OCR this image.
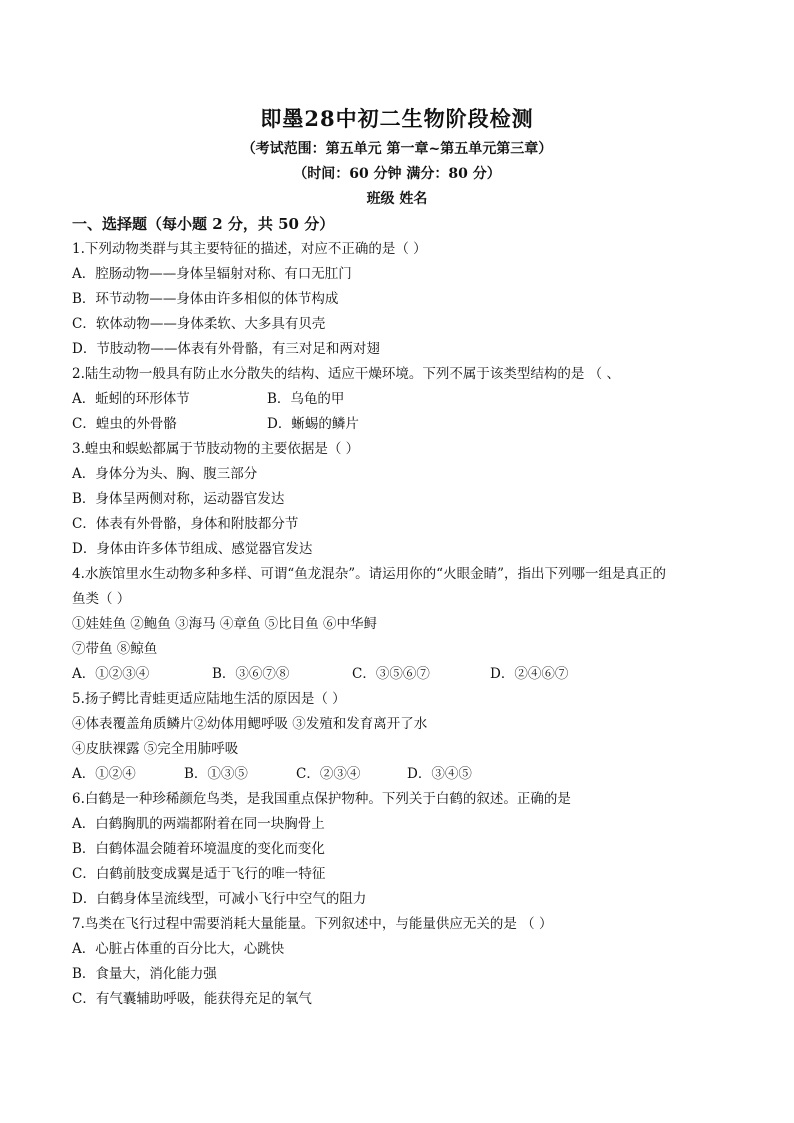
即墨28中初二生物阶段检测
（考试范围：第五单元 第一章~第五单元第三章）
（时间：60 分钟 满分：80 分）
班级 姓名
一、选择题（每小题 2 分，共 50 分）
1.下列动物类群与其主要特征的描述，对应不正确的是（ ）
A．腔肠动物——身体呈辐射对称、有口无肛门
B．环节动物——身体由许多相似的体节构成
C．软体动物——身体柔软、大多具有贝壳
D．节肢动物——体表有外骨骼，有三对足和两对翅
2.陆生动物一般具有防止水分散失的结构、适应干燥环境。下列不属于该类型结构的是 （ 、
A．蚯蚓的环形体节	B．乌龟的甲
C．蝗虫的外骨骼	D．蜥蜴的鳞片
3.蝗虫和蜈蚣都属于节肢动物的主要依据是（ ）
A．身体分为头、胸、腹三部分
B．身体呈两侧对称，运动器官发达
C．体表有外骨骼，身体和附肢都分节
D．身体由许多体节组成、感觉器官发达
4.水族馆里水生动物多种多样、可谓“鱼龙混杂”。请运用你的“火眼金睛”，指出下列哪一组是真正的
鱼类（ ）
①娃娃鱼 ②鲍鱼 ③海马 ④章鱼 ⑤比目鱼 ⑥中华鲟
⑦带鱼 ⑧鲸鱼
A．①②③④	B．③⑥⑦⑧	C．③⑤⑥⑦	D．②④⑥⑦
5.扬子鳄比青蛙更适应陆地生活的原因是（ ）
④体表覆盖角质鳞片②幼体用鳃呼吸 ③发殖和发育离开了水
④皮肤裸露 ⑤完全用肺呼吸
A．①②④	B．①③⑤	C．②③④	D．③④⑤
6.白鹤是一种珍稀颜危鸟类，是我国重点保护物种。下列关于白鹤的叙述。正确的是
A．白鹤胸肌的两端都附着在同一块胸骨上
B．白鹤体温会随着环境温度的变化而变化
C．白鹤前肢变成翼是适于飞行的唯一特征
D．白鹤身体呈流线型，可减小飞行中空气的阻力
7.鸟类在飞行过程中需要消耗大量能量。下列叙述中，与能量供应无关的是 （ ）
A．心脏占体重的百分比大，心跳快
B．食量大，消化能力强
C．有气囊辅助呼吸，能获得充足的氧气
